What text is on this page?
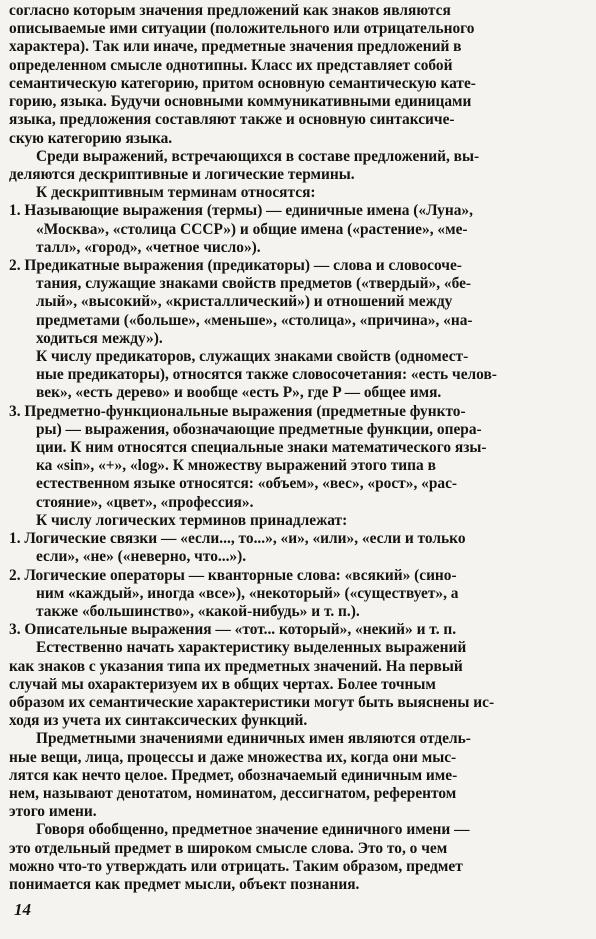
согласно которым значения предложений как знаков являются
описываемые ими ситуации (положительного или отрицательного
характера). Так или иначе, предметные значения предложений в
определенном смысле однотипны. Класс их представляет собой
семантическую категорию, притом основную семантическую кате-
горию, языка. Будучи основными коммуникативными единицами
языка, предложения составляют также и основную синтаксиче-
скую категорию языка.
Среди выражений, встречающихся в составе предложений, вы-
деляются дескриптивные и логические термины.
К дескриптивным терминам относятся:
1. Называющие выражения (термы) — единичные имена («Луна»,
«Москва», «столица СССР») и общие имена («растение», «ме-
талл», «город», «четное число»).
2. Предикатные выражения (предикаторы) — слова и словосоче-
тания, служащие знаками свойств предметов («твердый», «бе-
лый», «высокий», «кристаллический») и отношений между
предметами («больше», «меньше», «столица», «причина», «на-
ходиться между»).
К числу предикаторов, служащих знаками свойств (одномест-
ные предикаторы), относятся также словосочетания: «есть челов-
век», «есть дерево» и вообще «есть P», где P — общее имя.
3. Предметно-функциональные выражения (предметные функто-
ры) — выражения, обозначающие предметные функции, опера-
ции. К ним относятся специальные знаки математического язы-
ка «sin», «+», «log». К множеству выражений этого типа в
естественном языке относятся: «объем», «вес», «рост», «рас-
стояние», «цвет», «профессия».
К числу логических терминов принадлежат:
1. Логические связки — «если..., то...», «и», «или», «если и только
если», «не» («неверно, что...»).
2. Логические операторы — кванторные слова: «всякий» (сино-
ним «каждый», иногда «все»), «некоторый» («существует», а
также «большинство», «какой-нибудь» и т. п.).
3. Описательные выражения — «тот... который», «некий» и т. п.
Естественно начать характеристику выделенных выражений
как знаков с указания типа их предметных значений. На первый
случай мы охарактеризуем их в общих чертах. Более точным
образом их семантические характеристики могут быть выяснены ис-
ходя из учета их синтаксических функций.
Предметными значениями единичных имен являются отдель-
ные вещи, лица, процессы и даже множества их, когда они мыс-
лятся как нечто целое. Предмет, обозначаемый единичным име-
нем, называют денотатом, номинатом, дессигнатом, референтом
этого имени.
Говоря обобщенно, предметное значение единичного имени —
это отдельный предмет в широком смысле слова. Это то, о чем
можно что-то утверждать или отрицать. Таким образом, предмет
понимается как предмет мысли, объект познания.
14
